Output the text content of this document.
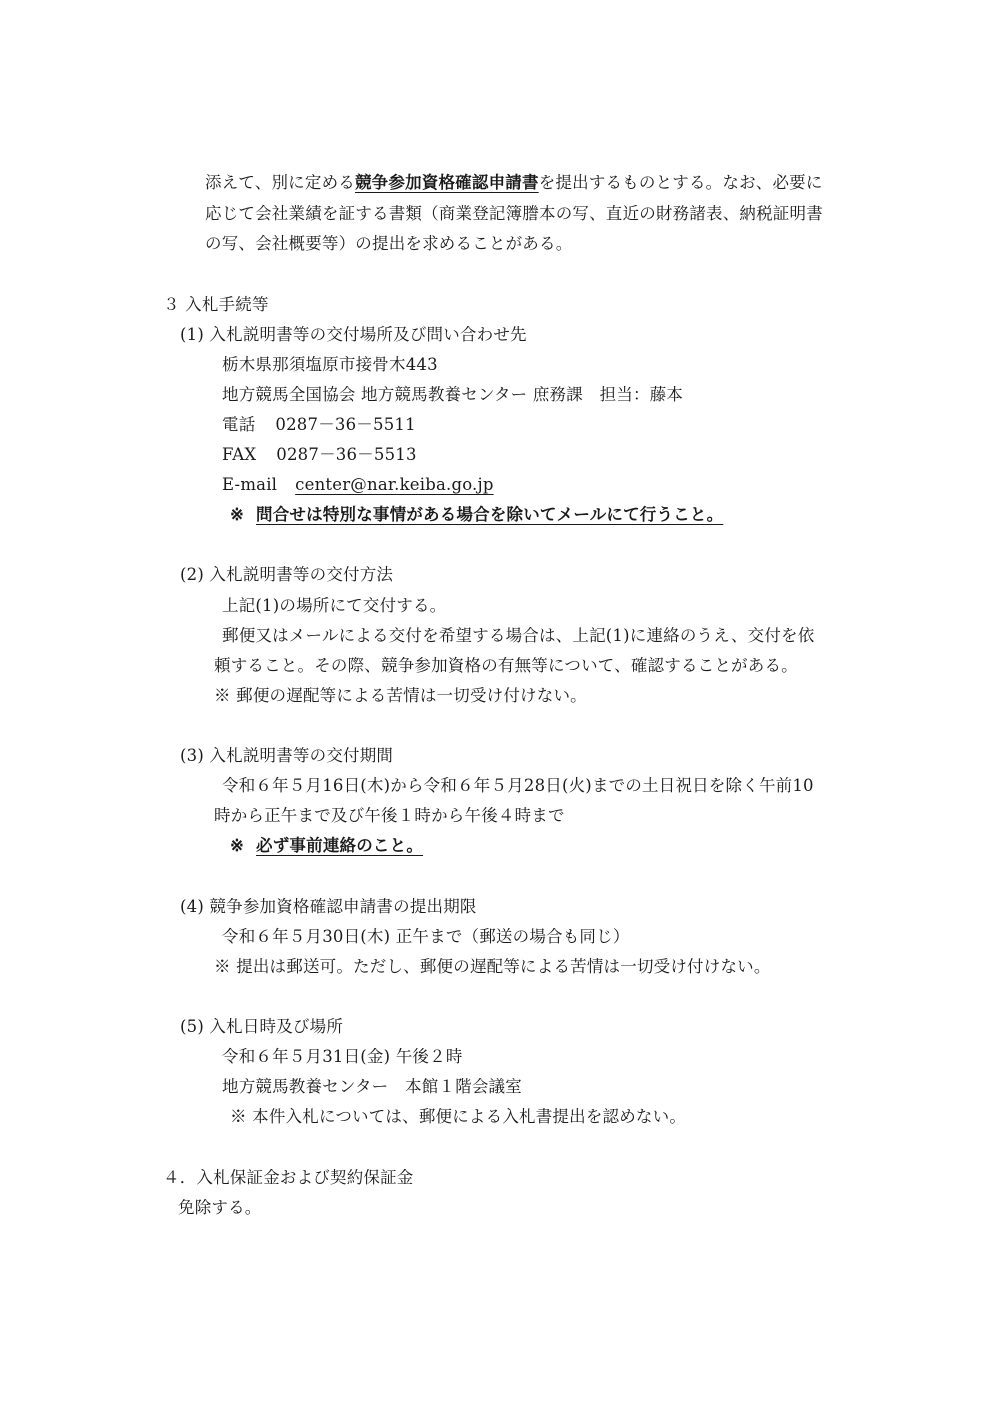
添えて、別に定める競争参加資格確認申請書を提出するものとする。なお、必要に
応じて会社業績を証する書類（商業登記簿謄本の写、直近の財務諸表、納税証明書
の写、会社概要等）の提出を求めることがある。
３ 入札手続等
(1) 入札説明書等の交付場所及び問い合わせ先
栃木県那須塩原市接骨木443
地方競馬全国協会 地方競馬教養センター 庶務課　担当：藤本
電話 0287－36－5511
FAX 0287－36－5513
E-mail center@nar.keiba.go.jp
※ 問合せは特別な事情がある場合を除いてメールにて行うこと。
(2) 入札説明書等の交付方法
上記(1)の場所にて交付する。
郵便又はメールによる交付を希望する場合は、上記(1)に連絡のうえ、交付を依
頼すること。その際、競争参加資格の有無等について、確認することがある。
※ 郵便の遅配等による苦情は一切受け付けない。
(3) 入札説明書等の交付期間
令和６年５月16日(木)から令和６年５月28日(火)までの土日祝日を除く午前10
時から正午まで及び午後１時から午後４時まで
※ 必ず事前連絡のこと。
(4) 競争参加資格確認申請書の提出期限
令和６年５月30日(木) 正午まで（郵送の場合も同じ）
※ 提出は郵送可。ただし、郵便の遅配等による苦情は一切受け付けない。
(5) 入札日時及び場所
令和６年５月31日(金) 午後２時
地方競馬教養センター　本館１階会議室
※ 本件入札については、郵便による入札書提出を認めない。
４．入札保証金および契約保証金
免除する。
